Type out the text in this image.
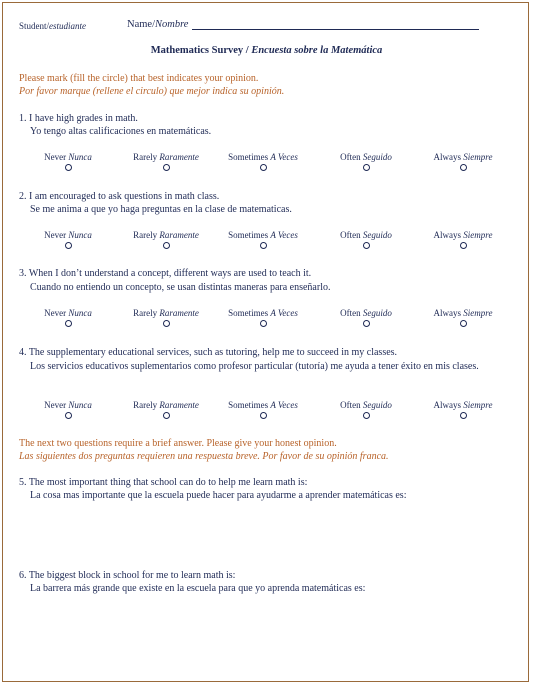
Student/estudiante	Name/Nombre
Mathematics Survey / Encuesta sobre la Matemática
Please mark (fill the circle) that best indicates your opinion.
Por favor marque (rellene el circulo) que mejor indica su opinión.
1. I have high grades in math.
Yo tengo altas calificaciones en matemáticas.
Never Nunca	Rarely Raramente	Sometimes A Veces	Often Seguido	Always Siempre
2. I am encouraged to ask questions in math class.
Se me anima a que yo haga preguntas en la clase de matematicas.
Never Nunca	Rarely Raramente	Sometimes A Veces	Often Seguido	Always Siempre
3. When I don’t understand a concept, different ways are used to teach it.
Cuando no entiendo un concepto, se usan distintas maneras para enseñarlo.
Never Nunca	Rarely Raramente	Sometimes A Veces	Often Seguido	Always Siempre
4. The supplementary educational services, such as tutoring, help me to succeed in my classes.
Los servicios educativos suplementarios como profesor particular (tutoría) me ayuda a tener éxito en mis clases.
Never Nunca	Rarely Raramente	Sometimes A Veces	Often Seguido	Always Siempre
The next two questions require a brief answer. Please give your honest opinion.
Las siguientes dos preguntas requieren una respuesta breve. Por favor de su opinión franca.
5. The most important thing that school can do to help me learn math is:
La cosa mas importante que la escuela puede hacer para ayudarme a aprender matemáticas es:
6. The biggest block in school for me to learn math is:
La barrera más grande que existe en la escuela para que yo aprenda matemáticas es:
